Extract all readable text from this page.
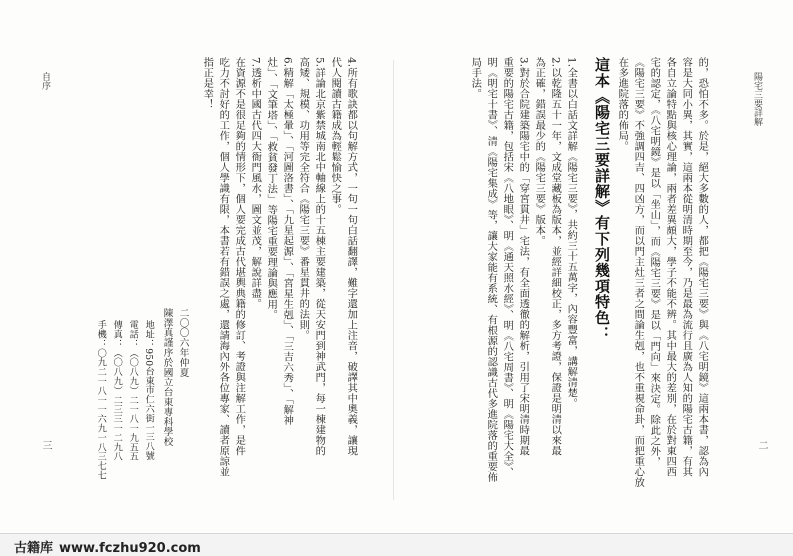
陽宅三要詳解
二
的，恐怕不多。於是，絕大多數的人，都把《陽宅三要》與《八宅明鏡》這兩本書，認為內
容是大同小異，其實，這兩本從明清時期至今，乃是最為流行且廣為人知的陽宅古籍，有其
各自立論特點與核心理論，兩者差異頗大，學子不能不辨。其中最大的差別，在於對東四西
宅的認定，《八宅明鏡》是以「坐山」，而《陽宅三要》是以「門向」來決定。除此之外，
《陽宅三要》不強調四吉、四凶方，而以門主灶三者之間論生剋，也不重視命卦，而把重心放
在多進院落的佈局。
這本《陽宅三要詳解》有下列幾項特色：
1.全書以白話文詳解《陽宅三要》，共約三十五萬字，內容豐富，講解清楚。
2.以乾隆五十一年，文成堂藏板為版本，並經詳細校正，多方考證，保證是明清以來最
為正確，錯誤最少的《陽宅三要》版本。
3.對於合院建築陽宅中的「穿宮貫井」宅法，有全面透徹的解析，引用了宋明清時期最
重要的陽宅古籍，包括宋《八地眼》、明《通天照水經》、明《八宅周書》、明《陽宅大全》、
明《明宅十書》、清《陽宅集成》等，讓大家能有系統、有根源的認識古代多進院落的重要佈
局手法。
4.所有歌訣都以句解方式，一句一句白話翻譯，難字還加上注音，破譯其中奧義，讓現
代人閱讀古籍成為輕鬆愉快之事。
5.詳論北京紫禁城南北中軸線上的十五棟主要建築，從天安門到神武門，每一棟建物的
高矮、規模、功用等完全符合《陽宅三要》番星貫井的法則。
6.精解「太極暈」、「河圖洛書」、「九星起源」、「宮星生剋」、「三吉六秀」、「解神
灶」、「文筆塔」、「救貧發丁法」等陽宅重要理論與應用。
7.透析中國古代四大衙門風水，圖文並茂，解說詳盡。
在資源不是很足夠的情形下，個人要完成古代堪輿典籍的修訂、考證與注解工作，是件
吃力不討好的工作，個人學識有限，本書若有錯誤之處，還請海內外各位專家、讀者原諒並
指正是幸！
二〇〇六年仲夏
陳澤真謹序於國立台東專科學校
地址：950台東市仁六街一三八號
電話：（〇八九）二一八一九五五
傳真：（〇八九）二三三一二九八
手機：〇九二一八一一六九一八三七七
自序
三
古籍库 www.fczhu920.com
